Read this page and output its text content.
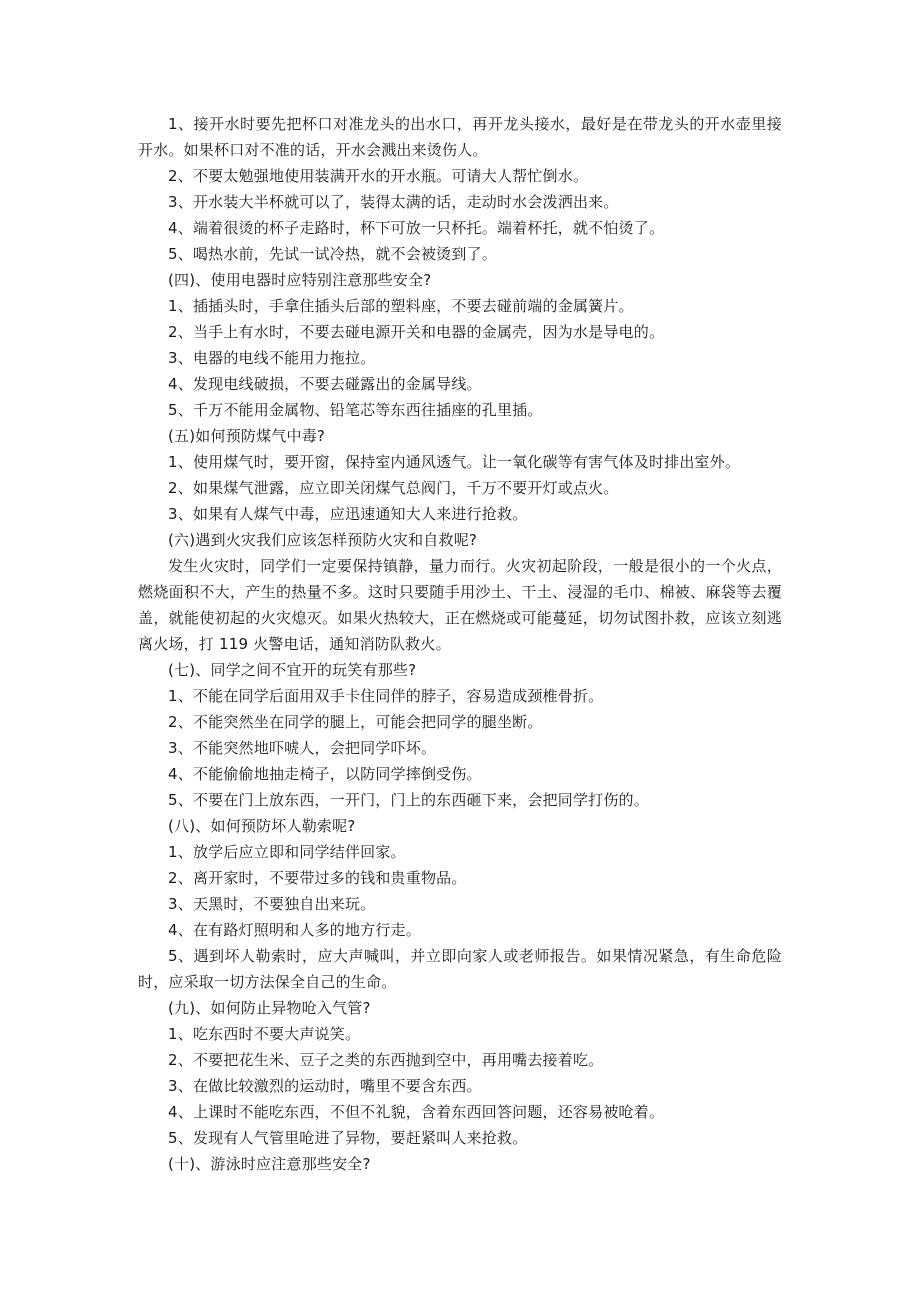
1、接开水时要先把杯口对准龙头的出水口，再开龙头接水，最好是在带龙头的开水壶里接开水。如果杯口对不准的话，开水会溅出来烫伤人。

2、不要太勉强地使用装满开水的开水瓶。可请大人帮忙倒水。

3、开水装大半杯就可以了，装得太满的话，走动时水会泼洒出来。

4、端着很烫的杯子走路时，杯下可放一只杯托。端着杯托，就不怕烫了。

5、喝热水前，先试一试冷热，就不会被烫到了。

(四)、使用电器时应特别注意那些安全?

1、插插头时，手拿住插头后部的塑料座，不要去碰前端的金属簧片。

2、当手上有水时，不要去碰电源开关和电器的金属壳，因为水是导电的。

3、电器的电线不能用力拖拉。

4、发现电线破损，不要去碰露出的金属导线。

5、千万不能用金属物、铅笔芯等东西往插座的孔里插。

(五)如何预防煤气中毒?

1、使用煤气时，要开窗，保持室内通风透气。让一氧化碳等有害气体及时排出室外。

2、如果煤气泄露，应立即关闭煤气总阀门，千万不要开灯或点火。

3、如果有人煤气中毒，应迅速通知大人来进行抢救。

(六)遇到火灾我们应该怎样预防火灾和自救呢?

发生火灾时，同学们一定要保持镇静，量力而行。火灾初起阶段，一般是很小的一个火点，燃烧面积不大，产生的热量不多。这时只要随手用沙土、干土、浸湿的毛巾、棉被、麻袋等去覆盖，就能使初起的火灾熄灭。如果火热较大，正在燃烧或可能蔓延，切勿试图扑救，应该立刻逃离火场，打 119 火警电话，通知消防队救火。

(七)、同学之间不宜开的玩笑有那些?

1、不能在同学后面用双手卡住同伴的脖子，容易造成颈椎骨折。

2、不能突然坐在同学的腿上，可能会把同学的腿坐断。

3、不能突然地吓唬人，会把同学吓坏。

4、不能偷偷地抽走椅子，以防同学摔倒受伤。

5、不要在门上放东西，一开门，门上的东西砸下来，会把同学打伤的。

(八)、如何预防坏人勒索呢?

1、放学后应立即和同学结伴回家。

2、离开家时，不要带过多的钱和贵重物品。

3、天黑时，不要独自出来玩。

4、在有路灯照明和人多的地方行走。

5、遇到坏人勒索时，应大声喊叫，并立即向家人或老师报告。如果情况紧急，有生命危险时，应采取一切方法保全自己的生命。

(九)、如何防止异物呛入气管?

1、吃东西时不要大声说笑。

2、不要把花生米、豆子之类的东西抛到空中，再用嘴去接着吃。

3、在做比较激烈的运动时，嘴里不要含东西。

4、上课时不能吃东西，不但不礼貌，含着东西回答问题，还容易被呛着。

5、发现有人气管里呛进了异物，要赶紧叫人来抢救。

(十)、游泳时应注意那些安全?
